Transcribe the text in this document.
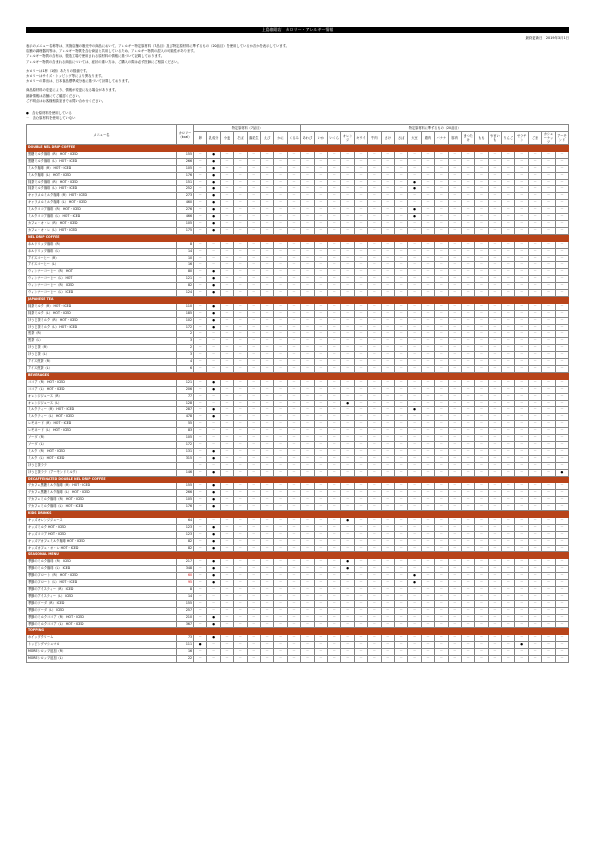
上島珈琲店　カロリー・アレルギー情報
最終更新日　2019年3月1日

表示のメニュー名称等は、実施店舗の販売中の商品において、アレルギー特定原材料（7品目）及び特定原材料に準ずるもの（20品目）を使用しているか否かを表示しています。

店舗の調理器具等は、アレルギー物質を含む商品と共用しているため、アレルギー物質の混入の可能性があります。

アレルギー物質の含有は、製造工場で使用される原材料の情報に基づいて記載しております。

アレルギー物質の含まれる商品については、症状の重い方は、ご購入の際は必ず医師にご相談ください。

カロリーは1杯（1個）あたりの数値です。

カロリーはサイズ・トッピング等により異なります。

カロリーの算出は、日本食品標準成分表に基づいて計算しております。

商品原材料の変更により、情報が変更になる場合があります。

最新情報は店舗にてご確認ください。

ご不明点はお客様相談室までお問い合わせください。

●　含む原材料を使用している
－　含む原材料を使用していない
メニュー名	カロリー（kcal）	特定原材料（7品目）								特定原材料に準ずるもの（20品目）																			
		卵	乳成分	小麦	そば	落花生	えび	かに	くるみ	あわび	いか	いくら	オレンジ	キウイ	牛肉	さけ	さば	大豆	鶏肉	バナナ	豚肉	まつたけ	もも	やまいも	りんご	ゼラチン	ごま	カシューナッツ	アーモンド
DOUBLE NEL DRIP COFFEE																													
黒糖ミルク珈琲（R） HOT・ICED	155	－	●	－	－	－	－	－	－	－	－	－	－	－	－	－	－	－	－	－	－	－	－	－	－	－	－	－	－
黒糖ミルク珈琲（L） HOT・ICED	266	－	●	－	－	－	－	－	－	－	－	－	－	－	－	－	－	－	－	－	－	－	－	－	－	－	－	－	－
ミルク珈琲（R） HOT・ICED	105	－	●	－	－	－	－	－	－	－	－	－	－	－	－	－	－	－	－	－	－	－	－	－	－	－	－	－	－
ミルク珈琲（L） HOT・ICED	176	－	●	－	－	－	－	－	－	－	－	－	－	－	－	－	－	－	－	－	－	－	－	－	－	－	－	－	－
抹茶ミルク珈琲（R） HOT・ICED	151	－	●	－	－	－	－	－	－	－	－	－	－	－	－	－	－	●	－	－	－	－	－	－	－	－	－	－	－
抹茶ミルク珈琲（L） HOT・ICED	252	－	●	－	－	－	－	－	－	－	－	－	－	－	－	－	－	●	－	－	－	－	－	－	－	－	－	－	－
キャラメルミルク珈琲（R） HOT・ICED	273	－	●	－	－	－	－	－	－	－	－	－	－	－	－	－	－	－	－	－	－	－	－	－	－	－	－	－	－
キャラメルミルク珈琲（L） HOT・ICED	460	－	●	－	－	－	－	－	－	－	－	－	－	－	－	－	－	－	－	－	－	－	－	－	－	－	－	－	－
ミルクココア珈琲（R） HOT・ICED	276	－	●	－	－	－	－	－	－	－	－	－	－	－	－	－	－	●	－	－	－	－	－	－	－	－	－	－	－
ミルクココア珈琲（L） HOT・ICED	466	－	●	－	－	－	－	－	－	－	－	－	－	－	－	－	－	●	－	－	－	－	－	－	－	－	－	－	－
カフェ・オ・レ（R） HOT・ICED	105	－	●	－	－	－	－	－	－	－	－	－	－	－	－	－	－	－	－	－	－	－	－	－	－	－	－	－	－
カフェ・オ・レ（L） HOT・ICED	175	－	●	－	－	－	－	－	－	－	－	－	－	－	－	－	－	－	－	－	－	－	－	－	－	－	－	－	－
NEL DRIP COFFEE																													
ネルドリップ珈琲（R）	8	－	－	－	－	－	－	－	－	－	－	－	－	－	－	－	－	－	－	－	－	－	－	－	－	－	－	－	－
ネルドリップ珈琲（L）	14	－	－	－	－	－	－	－	－	－	－	－	－	－	－	－	－	－	－	－	－	－	－	－	－	－	－	－	－
アイスコーヒー（R）	10	－	－	－	－	－	－	－	－	－	－	－	－	－	－	－	－	－	－	－	－	－	－	－	－	－	－	－	－
アイスコーヒー（L）	16	－	－	－	－	－	－	－	－	－	－	－	－	－	－	－	－	－	－	－	－	－	－	－	－	－	－	－	－
ウィンナーコーヒー（R） HOT	80	－	●	－	－	－	－	－	－	－	－	－	－	－	－	－	－	－	－	－	－	－	－	－	－	－	－	－	－
ウィンナーコーヒー（L） HOT	121	－	●	－	－	－	－	－	－	－	－	－	－	－	－	－	－	－	－	－	－	－	－	－	－	－	－	－	－
ウィンナーコーヒー（R） ICED	82	－	●	－	－	－	－	－	－	－	－	－	－	－	－	－	－	－	－	－	－	－	－	－	－	－	－	－	－
ウィンナーコーヒー（L） ICED	124	－	●	－	－	－	－	－	－	－	－	－	－	－	－	－	－	－	－	－	－	－	－	－	－	－	－	－	－
JAPANESE TEA																													
抹茶ミルク（R） HOT・ICED	110	－	●	－	－	－	－	－	－	－	－	－	－	－	－	－	－	－	－	－	－	－	－	－	－	－	－	－	－
抹茶ミルク（L） HOT・ICED	185	－	●	－	－	－	－	－	－	－	－	－	－	－	－	－	－	－	－	－	－	－	－	－	－	－	－	－	－
ほうじ茶ミルク（R） HOT・ICED	102	－	●	－	－	－	－	－	－	－	－	－	－	－	－	－	－	－	－	－	－	－	－	－	－	－	－	－	－
ほうじ茶ミルク（L） HOT・ICED	172	－	●	－	－	－	－	－	－	－	－	－	－	－	－	－	－	－	－	－	－	－	－	－	－	－	－	－	－
煎茶（R）	2	－	－	－	－	－	－	－	－	－	－	－	－	－	－	－	－	－	－	－	－	－	－	－	－	－	－	－	－
煎茶（L）	3	－	－	－	－	－	－	－	－	－	－	－	－	－	－	－	－	－	－	－	－	－	－	－	－	－	－	－	－
ほうじ茶（R）	2	－	－	－	－	－	－	－	－	－	－	－	－	－	－	－	－	－	－	－	－	－	－	－	－	－	－	－	－
ほうじ茶（L）	3	－	－	－	－	－	－	－	－	－	－	－	－	－	－	－	－	－	－	－	－	－	－	－	－	－	－	－	－
アイス煎茶（R）	4	－	－	－	－	－	－	－	－	－	－	－	－	－	－	－	－	－	－	－	－	－	－	－	－	－	－	－	－
アイス煎茶（L）	6	－	－	－	－	－	－	－	－	－	－	－	－	－	－	－	－	－	－	－	－	－	－	－	－	－	－	－	－
BEVERAGES																													
ココア（R） HOT・ICED	121	－	●	－	－	－	－	－	－	－	－	－	－	－	－	－	－	－	－	－	－	－	－	－	－	－	－	－	－
ココア（L） HOT・ICED	206	－	●	－	－	－	－	－	－	－	－	－	－	－	－	－	－	－	－	－	－	－	－	－	－	－	－	－	－
オレンジジュース（R）	77	－	－	－	－	－	－	－	－	－	－	－	－	－	－	－	－	－	－	－	－	－	－	－	－	－	－	－	－
オレンジジュース（L）	128	－	－	－	－	－	－	－	－	－	－	－	●	－	－	－	－	－	－	－	－	－	－	－	－	－	－	－	－
ミルクティー（R） HOT・ICED	287	－	●	－	－	－	－	－	－	－	－	－	－	－	－	－	－	●	－	－	－	－	－	－	－	－	－	－	－
ミルクティー（L） HOT・ICED	478	－	●	－	－	－	－	－	－	－	－	－	－	－	－	－	－	－	－	－	－	－	－	－	－	－	－	－	－
レモネード（R） HOT・ICED	55	－	－	－	－	－	－	－	－	－	－	－	－	－	－	－	－	－	－	－	－	－	－	－	－	－	－	－	－
レモネード（L） HOT・ICED	83	－	－	－	－	－	－	－	－	－	－	－	－	－	－	－	－	－	－	－	－	－	－	－	－	－	－	－	－
ソーダ（R）	105	－	－	－	－	－	－	－	－	－	－	－	－	－	－	－	－	－	－	－	－	－	－	－	－	－	－	－	－
ソーダ（L）	172	－	－	－	－	－	－	－	－	－	－	－	－	－	－	－	－	－	－	－	－	－	－	－	－	－	－	－	－
ミルク（R） HOT・ICED	131	－	●	－	－	－	－	－	－	－	－	－	－	－	－	－	－	－	－	－	－	－	－	－	－	－	－	－	－
ミルク（L） HOT・ICED	315	－	●	－	－	－	－	－	－	－	－	－	－	－	－	－	－	－	－	－	－	－	－	－	－	－	－	－	－
ほうじ茶ラテ		－	－	－	－	－	－	－	－	－	－	－	－	－	－	－	－	－	－	－	－	－	－	－	－	－	－	－	－
ほうじ茶ラテ（アーモンドミルク）	146	－	●	－	－	－	－	－	－	－	－	－	－	－	－	－	－	－	－	－	－	－	－	－	－	－	－	－	●
DECAFFEINATED DOUBLE NEL DRIP COFFEE																													
デカフェ黒糖ミルク珈琲（R） HOT・ICED	155	－	●	－	－	－	－	－	－	－	－	－	－	－	－	－	－	－	－	－	－	－	－	－	－	－	－	－	－
デカフェ黒糖ミルク珈琲（L） HOT・ICED	266	－	●	－	－	－	－	－	－	－	－	－	－	－	－	－	－	－	－	－	－	－	－	－	－	－	－	－	－
デカフェミルク珈琲（R） HOT・ICED	105	－	●	－	－	－	－	－	－	－	－	－	－	－	－	－	－	－	－	－	－	－	－	－	－	－	－	－	－
デカフェミルク珈琲（L） HOT・ICED	176	－	●	－	－	－	－	－	－	－	－	－	－	－	－	－	－	－	－	－	－	－	－	－	－	－	－	－	－
KIDS DRINKS																													
キッズオレンジジュース	64	－	－	－	－	－	－	－	－	－	－	－	●	－	－	－	－	－	－	－	－	－	－	－	－	－	－	－	－
キッズミルク HOT・ICED	123	－	●	－	－	－	－	－	－	－	－	－	－	－	－	－	－	－	－	－	－	－	－	－	－	－	－	－	－
キッズココア HOT・ICED	123	－	●	－	－	－	－	－	－	－	－	－	－	－	－	－	－	－	－	－	－	－	－	－	－	－	－	－	－
キッズデカフェミルク珈琲 HOT・ICED	82	－	●	－	－	－	－	－	－	－	－	－	－	－	－	－	－	－	－	－	－	－	－	－	－	－	－	－	－
キッズカフェ・オ・レ HOT・ICED	82	－	●	－	－	－	－	－	－	－	－	－	－	－	－	－	－	－	－	－	－	－	－	－	－	－	－	－	－
SEASONAL MENU																													
季節のミルク珈琲（R） ICED	217	－	●	－	－	－	－	－	－	－	－	－	●	－	－	－	－	－	－	－	－	－	－	－	－	－	－	－	－
季節のミルク珈琲（L） ICED	348	－	●	－	－	－	－	－	－	－	－	－	●	－	－	－	－	－	－	－	－	－	－	－	－	－	－	－	－
季節のフロート（R） HOT・ICED	60	－	●	－	－	－	－	－	－	－	－	－	－	－	－	－	－	●	－	－	－	－	－	－	－	－	－	－	－
季節のフロート（L） HOT・ICED	95	－	●	－	－	－	－	－	－	－	－	－	－	－	－	－	－	●	－	－	－	－	－	－	－	－	－	－	－
季節のアイスティー（R） ICED	8	－	－	－	－	－	－	－	－	－	－	－	－	－	－	－	－	－	－	－	－	－	－	－	－	－	－	－	－
季節のアイスティー（L） ICED	14	－	－	－	－	－	－	－	－	－	－	－	－	－	－	－	－	－	－	－	－	－	－	－	－	－	－	－	－
季節のソーダ（R） ICED	155	－	－	－	－	－	－	－	－	－	－	－	－	－	－	－	－	－	－	－	－	－	－	－	－	－	－	－	－
季節のソーダ（L） ICED	257	－	－	－	－	－	－	－	－	－	－	－	－	－	－	－	－	－	－	－	－	－	－	－	－	－	－	－	－
季節のミルクココア（R） HOT・ICED	210	－	●	－	－	－	－	－	－	－	－	－	－	－	－	－	－	－	－	－	－	－	－	－	－	－	－	－	－
季節のミルクココア（L） HOT・ICED	367	－	●	－	－	－	－	－	－	－	－	－	－	－	－	－	－	－	－	－	－	－	－	－	－	－	－	－	－
TOPPING																													
ホイップクリーム	73	－	●	－	－	－	－	－	－	－	－	－	－	－	－	－	－	－	－	－	－	－	－	－	－	－	－	－	－
トッピングマシュマロ	111	●	－	－	－	－	－	－	－	－	－	－	－	－	－	－	－	－	－	－	－	－	－	－	－	●	－	－	－
MOREシロップ追加（R）	16	－	－	－	－	－	－	－	－	－	－	－	－	－	－	－	－	－	－	－	－	－	－	－	－	－	－	－	－
MOREシロップ追加（L）	22	－	－	－	－	－	－	－	－	－	－	－	－	－	－	－	－	－	－	－	－	－	－	－	－	－	－	－	－
